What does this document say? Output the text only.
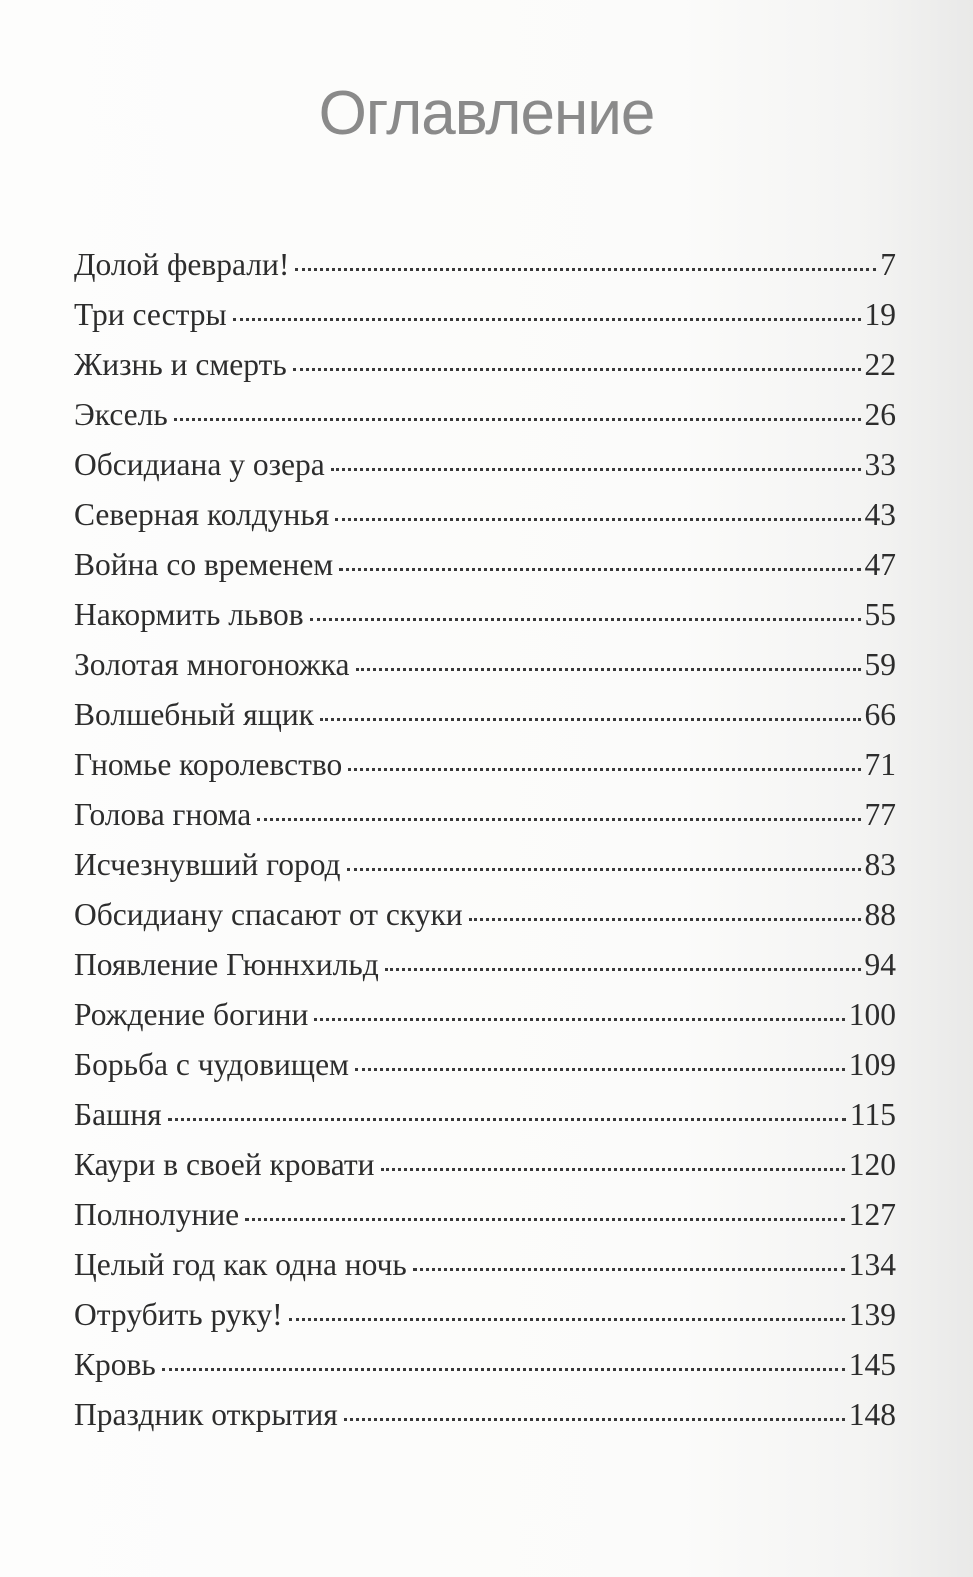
Оглавление
Долой феврали!	7
Три сестры	19
Жизнь и смерть	22
Эксель	26
Обсидиана у озера	33
Северная колдунья	43
Война со временем	47
Накормить львов	55
Золотая многоножка	59
Волшебный ящик	66
Гномье королевство	71
Голова гнома	77
Исчезнувший город	83
Обсидиану спасают от скуки	88
Появление Гюннхильд	94
Рождение богини	100
Борьба с чудовищем	109
Башня	115
Каури в своей кровати	120
Полнолуние	127
Целый год как одна ночь	134
Отрубить руку!	139
Кровь	145
Праздник открытия	148
